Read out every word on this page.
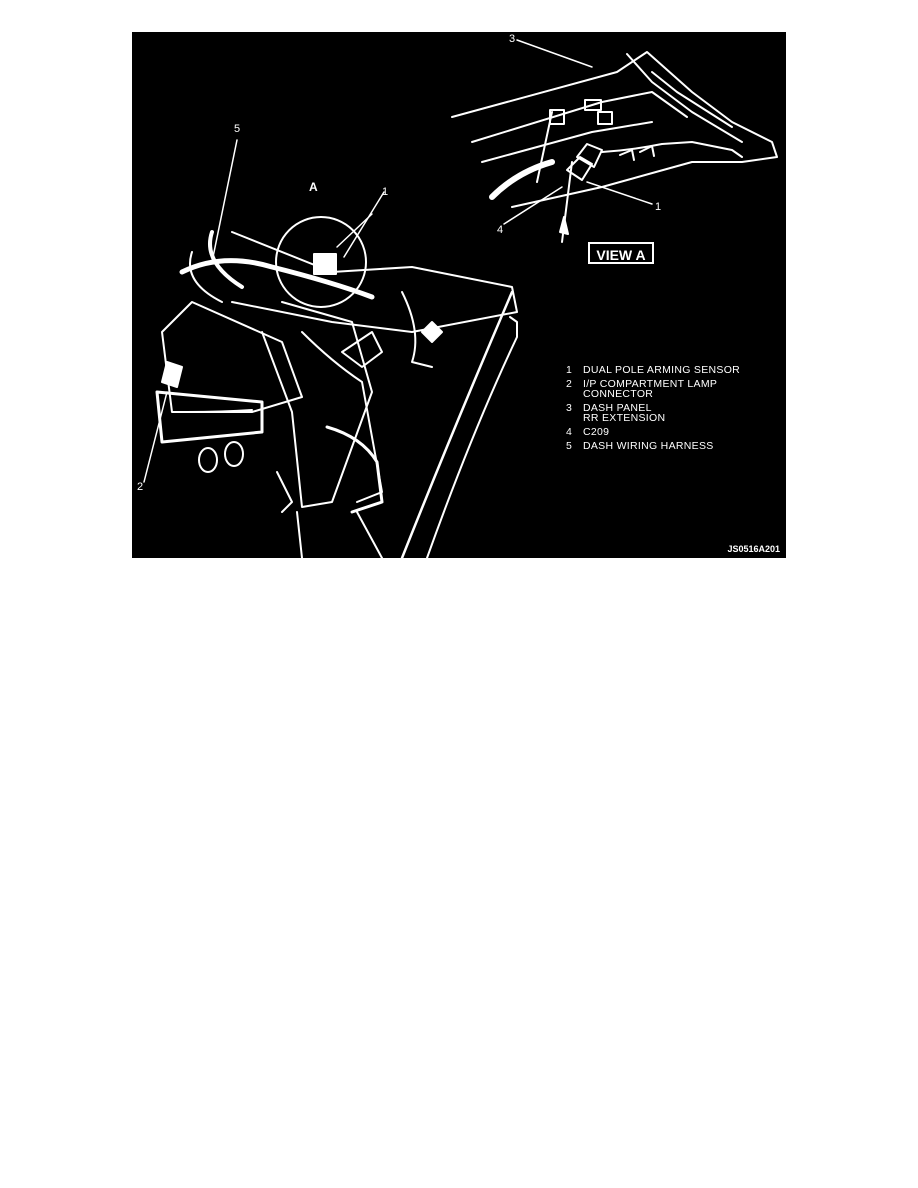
3
1
4
5
1
2
A
VIEW A
1	DUAL POLE ARMING SENSOR
2	I/P COMPARTMENT LAMP
CONNECTOR
3	DASH PANEL
RR EXTENSION
4	C209
5	DASH WIRING HARNESS
JS0516A201
